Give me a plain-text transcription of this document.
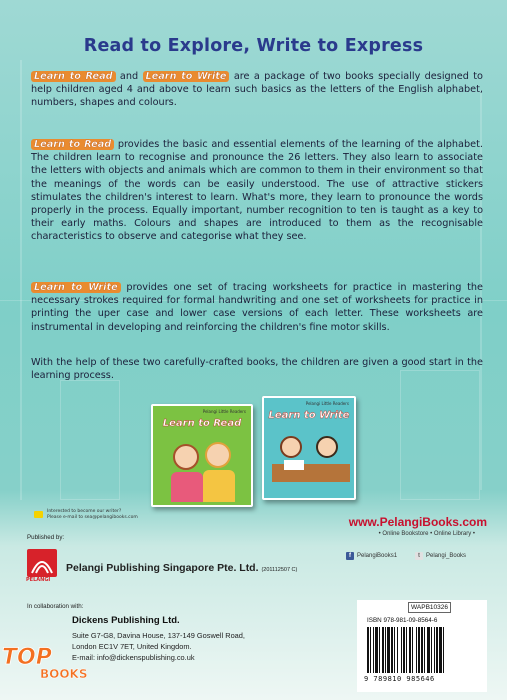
Read to Explore, Write to Express

Learn to Read and Learn to Write are a package of two books specially designed to help children aged 4 and above to learn such basics as the letters of the English alphabet, numbers, shapes and colours.

Learn to Read provides the basic and essential elements of the learning of the alphabet. The children learn to recognise and pronounce the 26 letters. They also learn to associate the letters with objects and animals which are common to them in their environment so that the meanings of the words can be easily understood. The use of attractive stickers stimulates the children's interest to learn. What's more, they learn to pronounce the words properly in the process. Equally important, number recognition to ten is taught as a key to their early maths. Colours and shapes are introduced to them as the recognisable characteristics to observe and categorise what they see.

Learn to Write provides one set of tracing worksheets for practice in mastering the necessary strokes required for formal handwriting and one set of worksheets for practice in printing the uper case and lower case versions of each letter. These worksheets are instrumental in developing and reinforcing the children's fine motor skills.

With the help of these two carefully-crafted books, the children are given a good start in the learning process.

Pelangi Little Readers
Learn to Read
Pelangi Little Readers
Learn to Write
Interested to become our writer?
Please e-mail to sea@pelangibooks.com	www.PelangiBooks.com
• Online Bookstore • Online Library •
f	PelangiBooks1	t	Pelangi_Books
Published by:
PELANGI
Pelangi Publishing Singapore Pte. Ltd. (201112507 C)
In collaboration with:
Dickens Publishing Ltd.
Suite G7-G8, Davina House, 137-149 Goswell Road,
London EC1V 7ET, United Kingdom.
E-mail: info@dickenspublishing.co.uk
WAPB10326
ISBN 978-981-09-8564-6
9 789810 985646
TOP
BOOKS
